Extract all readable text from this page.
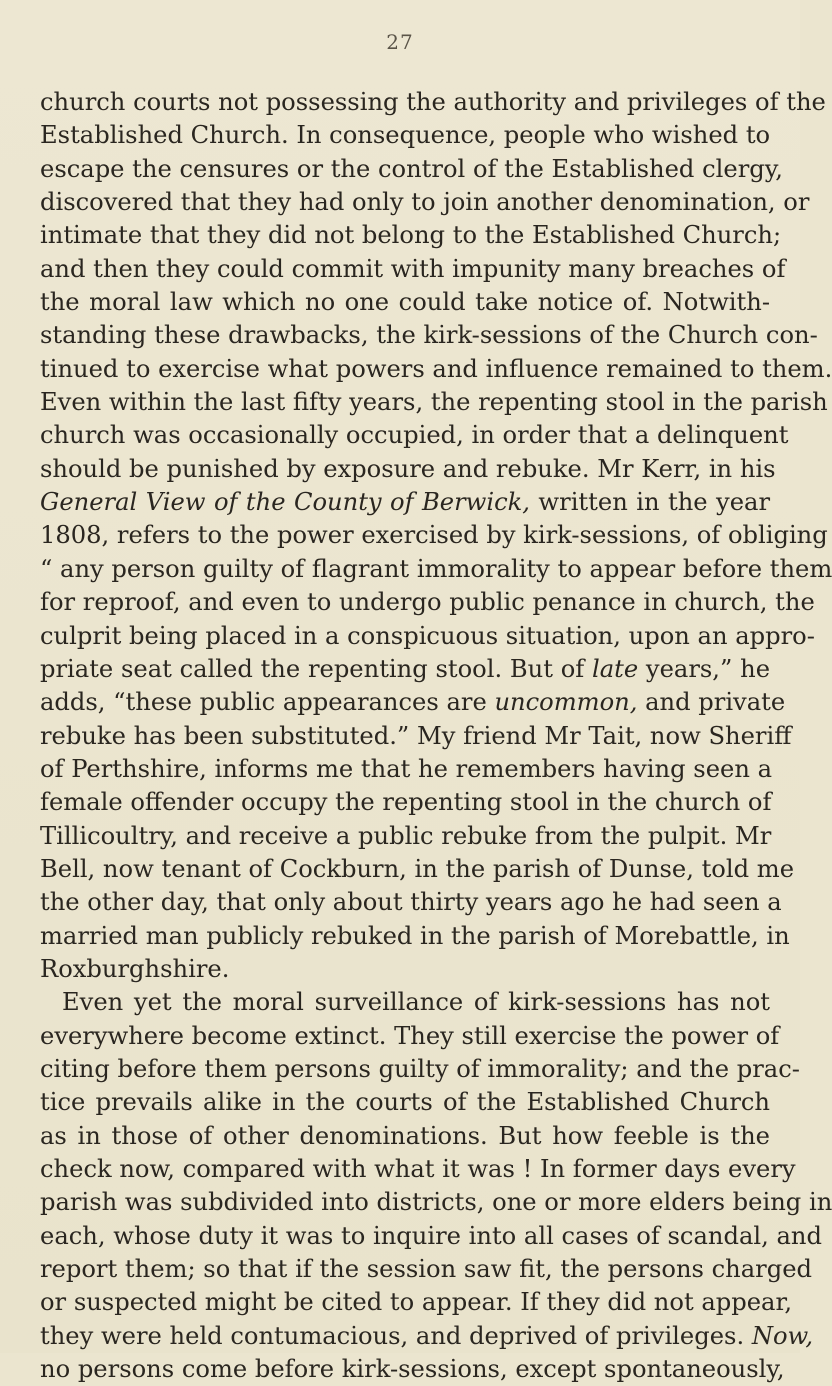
27
church courts not possessing the authority and privileges of the
Established Church. In consequence, people who wished to
escape the censures or the control of the Established clergy,
discovered that they had only to join another denomination, or
intimate that they did not belong to the Established Church;
and then they could commit with impunity many breaches of
the moral law which no one could take notice of. Notwith-
standing these drawbacks, the kirk-sessions of the Church con-
tinued to exercise what powers and influence remained to them.
Even within the last fifty years, the repenting stool in the parish
church was occasionally occupied, in order that a delinquent
should be punished by exposure and rebuke. Mr Kerr, in his
General View of the County of Berwick, written in the year
1808, refers to the power exercised by kirk-sessions, of obliging
“ any person guilty of flagrant immorality to appear before them
for reproof, and even to undergo public penance in church, the
culprit being placed in a conspicuous situation, upon an appro-
priate seat called the repenting stool. But of late years,” he
adds, “these public appearances are uncommon, and private
rebuke has been substituted.” My friend Mr Tait, now Sheriff
of Perthshire, informs me that he remembers having seen a
female offender occupy the repenting stool in the church of
Tillicoultry, and receive a public rebuke from the pulpit. Mr
Bell, now tenant of Cockburn, in the parish of Dunse, told me
the other day, that only about thirty years ago he had seen a
married man publicly rebuked in the parish of Morebattle, in
Roxburghshire.
Even yet the moral surveillance of kirk-sessions has not
everywhere become extinct. They still exercise the power of
citing before them persons guilty of immorality; and the prac-
tice prevails alike in the courts of the Established Church
as in those of other denominations. But how feeble is the
check now, compared with what it was ! In former days every
parish was subdivided into districts, one or more elders being in
each, whose duty it was to inquire into all cases of scandal, and
report them; so that if the session saw fit, the persons charged
or suspected might be cited to appear. If they did not appear,
they were held contumacious, and deprived of privileges. Now,
no persons come before kirk-sessions, except spontaneously,
